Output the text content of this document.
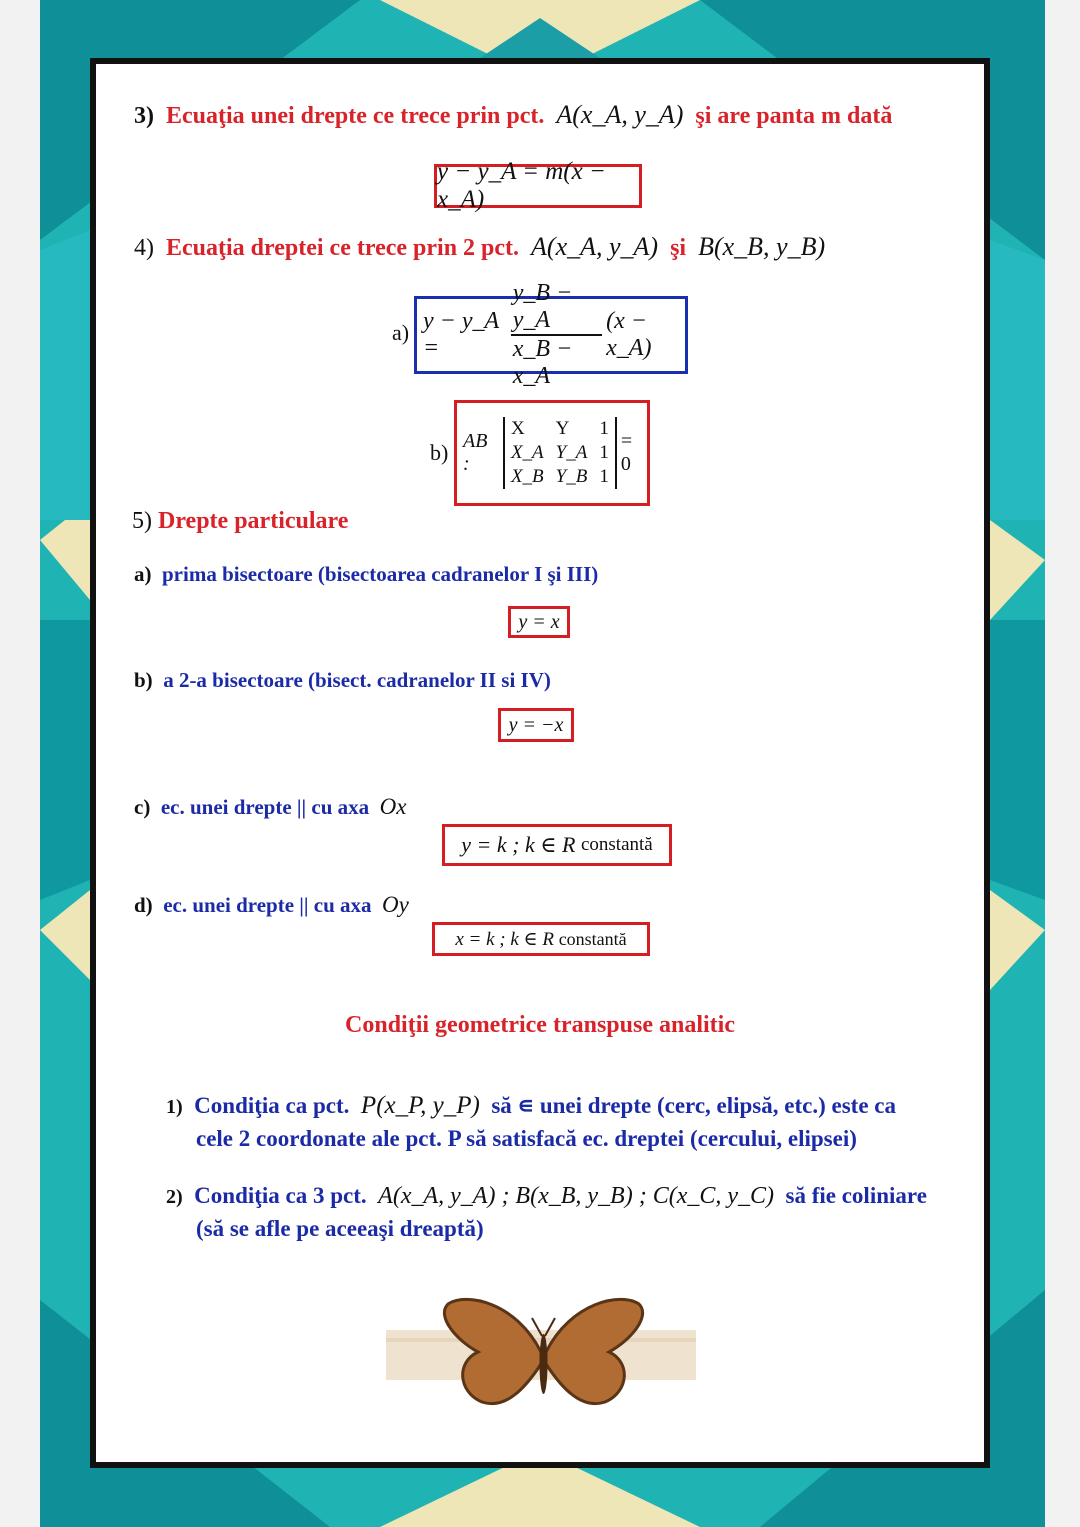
3) Ecuaţia unei drepte ce trece prin pct. A(x_A, y_A) şi are panta m dată
y − y_A = m(x − x_A)
4) Ecuaţia dreptei ce trece prin 2 pct. A(x_A, y_A) şi B(x_B, y_B)
a) y − y_A =	$\frac{y\_B - y\_A}{x\_B - x\_A} (x$ − x_A)
b) AB :
X	Y	1
X_A	Y_A	1
X_B	Y_B	1
= 0
5) Drepte particulare
a) prima bisectoare (bisectoarea cadranelor I şi III)
y = x
b) a 2-a bisectoare (bisect. cadranelor II si IV)
y = −x
c) ec. unei drepte || cu axa Ox
y = k ; k ∈ R
constantă
d) ec. unei drepte || cu axa Oy
x = k ; k ∈ R
constantă
Condiţii geometrice transpuse analitic
1) Condiţia ca pct. P(x_P, y_P) să ∊ unei drepte (cerc, elipsă, etc.) este ca
cele 2 coordonate ale pct. P să satisfacă ec. dreptei (cercului, elipsei)
2) Condiţia ca 3 pct. A(x_A, y_A) ; B(x_B, y_B) ; C(x_C, y_C) să fie coliniare
(să se afle pe aceeaşi dreaptă)
